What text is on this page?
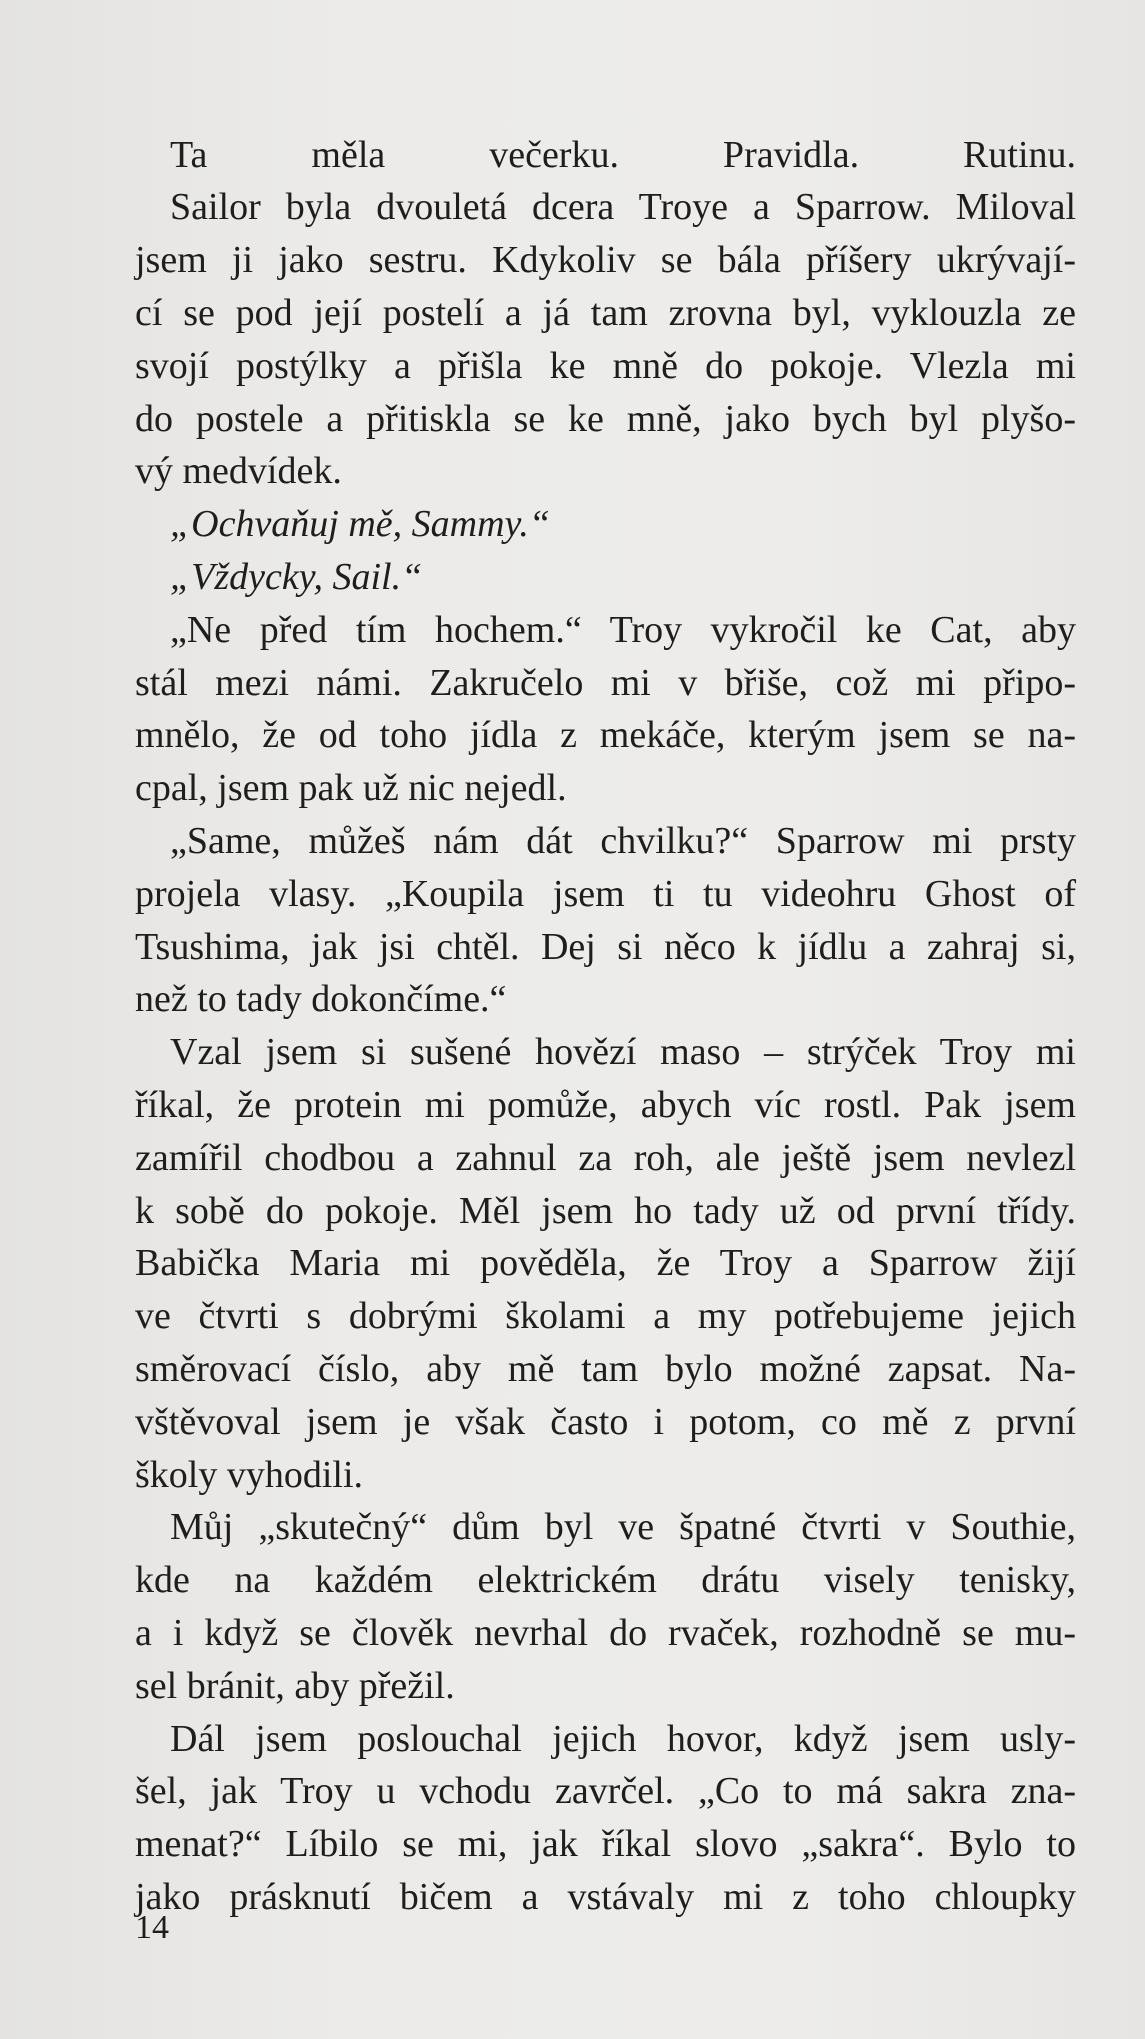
Ta měla večerku. Pravidla. Rutinu.
Sailor byla dvouletá dcera Troye a Sparrow. Miloval
jsem ji jako sestru. Kdykoliv se bála příšery ukrývají-
cí se pod její postelí a já tam zrovna byl, vyklouzla ze
svojí postýlky a přišla ke mně do pokoje. Vlezla mi
do postele a přitiskla se ke mně, jako bych byl plyšo-
vý medvídek.
„Ochvaňuj mě, Sammy.“
„Vždycky, Sail.“
„Ne před tím hochem.“ Troy vykročil ke Cat, aby
stál mezi námi. Zakručelo mi v břiše, což mi připo-
mnělo, že od toho jídla z mekáče, kterým jsem se na-
cpal, jsem pak už nic nejedl.
„Same, můžeš nám dát chvilku?“ Sparrow mi prsty
projela vlasy. „Koupila jsem ti tu videohru Ghost of
Tsushima, jak jsi chtěl. Dej si něco k jídlu a zahraj si,
než to tady dokončíme.“
Vzal jsem si sušené hovězí maso – strýček Troy mi
říkal, že protein mi pomůže, abych víc rostl. Pak jsem
zamířil chodbou a zahnul za roh, ale ještě jsem nevlezl
k sobě do pokoje. Měl jsem ho tady už od první třídy.
Babička Maria mi pověděla, že Troy a Sparrow žijí
ve čtvrti s dobrými školami a my potřebujeme jejich
směrovací číslo, aby mě tam bylo možné zapsat. Na-
vštěvoval jsem je však často i potom, co mě z první
školy vyhodili.
Můj „skutečný“ dům byl ve špatné čtvrti v Southie,
kde na každém elektrickém drátu visely tenisky,
a i když se člověk nevrhal do rvaček, rozhodně se mu-
sel bránit, aby přežil.
Dál jsem poslouchal jejich hovor, když jsem usly-
šel, jak Troy u vchodu zavrčel. „Co to má sakra zna-
menat?“ Líbilo se mi, jak říkal slovo „sakra“. Bylo to
jako prásknutí bičem a vstávaly mi z toho chloupky
14
